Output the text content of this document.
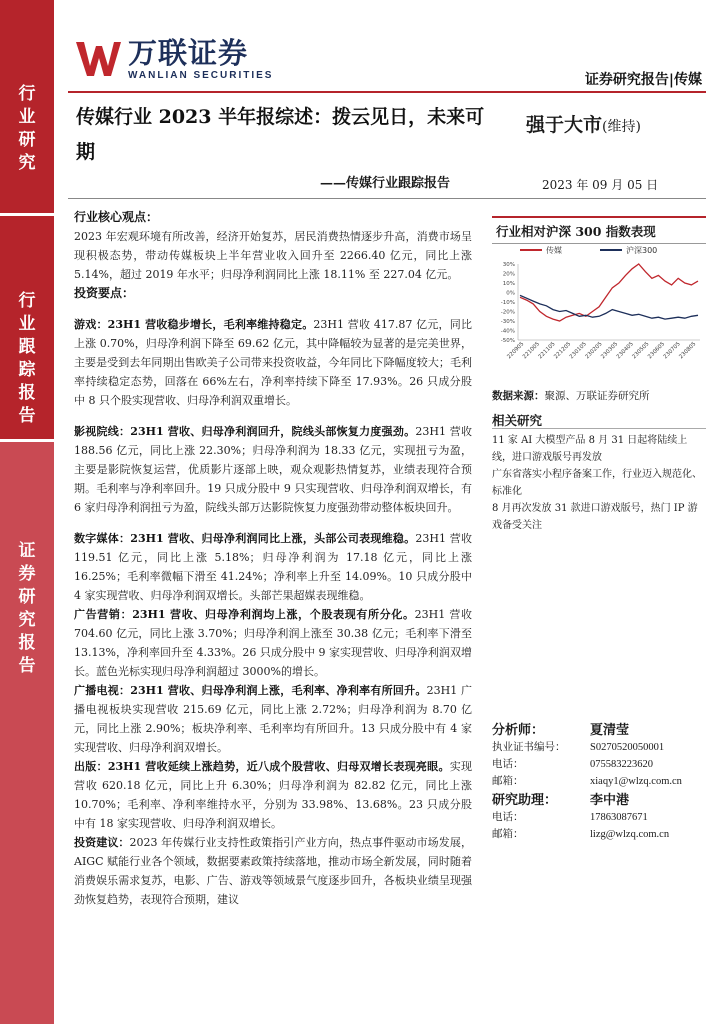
行
业
研
究
行
业
跟
踪
报
告
证
券
研
究
报
告
万联证券
WANLIAN SECURITIES	证券研究报告|传媒
传媒行业 2023 半年报综述：拨云见日，未来可期
——传媒行业跟踪报告
强于大市(维持)
2023 年 09 月 05 日

行业核心观点：

2023 年宏观环境有所改善，经济开始复苏，居民消费热情逐步升高，消费市场呈现积极态势，带动传媒板块上半年营业收入回升至 2266.40 亿元，同比上涨 5.14%，超过 2019 年水平；归母净利润同比上涨 18.11% 至 227.04 亿元。

投资要点：

游戏：23H1 营收稳步增长，毛利率维持稳定。23H1 营收 417.87 亿元，同比上涨 0.70%，归母净利润下降至 69.62 亿元，其中降幅较为显著的是完美世界，主要是受到去年同期出售欧美子公司带来投资收益，今年同比下降幅度较大；毛利率持续稳定态势，回落在 66%左右，净利率持续下降至 17.93%。26 只成分股中 8 只个股实现营收、归母净利润双重增长。

影视院线：23H1 营收、归母净利润回升，院线头部恢复力度强劲。23H1 营收 188.56 亿元，同比上涨 22.30%；归母净利润为 18.33 亿元，实现扭亏为盈，主要是影院恢复运营，优质影片逐部上映，观众观影热情复苏，业绩表现符合预期。毛利率与净利率回升。19 只成分股中 9 只实现营收、归母净利润双增长，有 6 家归母净利润扭亏为盈，院线头部万达影院恢复力度强劲带动整体板块回升。

数字媒体：23H1 营收、归母净利润同比上涨，头部公司表现维稳。23H1 营收 119.51 亿元，同比上涨 5.18%；归母净利润为 17.18 亿元，同比上涨 16.25%；毛利率微幅下滑至 41.24%；净利率上升至 14.09%。10 只成分股中 4 家实现营收、归母净利润双增长。头部芒果超媒表现维稳。

广告营销：23H1 营收、归母净利润均上涨，个股表现有所分化。23H1 营收 704.60 亿元，同比上涨 3.70%；归母净利润上涨至 30.38 亿元；毛利率下滑至 13.13%，净利率回升至 4.33%。26 只成分股中 9 家实现营收、归母净利润双增长。蓝色光标实现归母净利润超过 3000%的增长。

广播电视：23H1 营收、归母净利润上涨，毛利率、净利率有所回升。23H1 广播电视板块实现营收 215.69 亿元，同比上涨 2.72%；归母净利润为 8.70 亿元，同比上涨 2.90%；板块净利率、毛利率均有所回升。13 只成分股中有 4 家实现营收、归母净利润双增长。

出版：23H1 营收延续上涨趋势，近八成个股营收、归母双增长表现亮眼。实现营收 620.18 亿元，同比上升 6.30%；归母净利润为 82.82 亿元，同比上涨 10.70%；毛利率、净利率维持水平，分别为 33.98%、13.68%。23 只成分股中有 18 家实现营收、归母净利润双增长。

投资建议：2023 年传媒行业支持性政策指引产业方向，热点事件驱动市场发展，AIGC 赋能行业各个领域，数据要素政策持续落地，推动市场全新发展，同时随着消费娱乐需求复苏，电影、广告、游戏等领域景气度逐步回升，各板块业绩呈现强劲恢复趋势，表现符合预期，建议

行业相对沪深 300 指数表现
传媒	沪深300
30%
20%
10%
0%
-10%
-20%
-30%
-40%
-50%
220905
221005
221105
221205
230105
230205
230305
230405
230505
230605
230705
230805
数据来源：聚源、万联证券研究所
相关研究
11 家 AI 大模型产品 8 月 31 日起将陆续上线，进口游戏版号再发放
广东省落实小程序备案工作，行业迈入规范化、标准化
8 月再次发放 31 款进口游戏版号，热门 IP 游戏备受关注
分析师：	夏清莹
执业证书编号：	S0270520050001
电话：	075583223620
邮箱：	xiaqy1@wlzq.com.cn
研究助理：	李中港
电话：	17863087671
邮箱：	lizg@wlzq.com.cn
